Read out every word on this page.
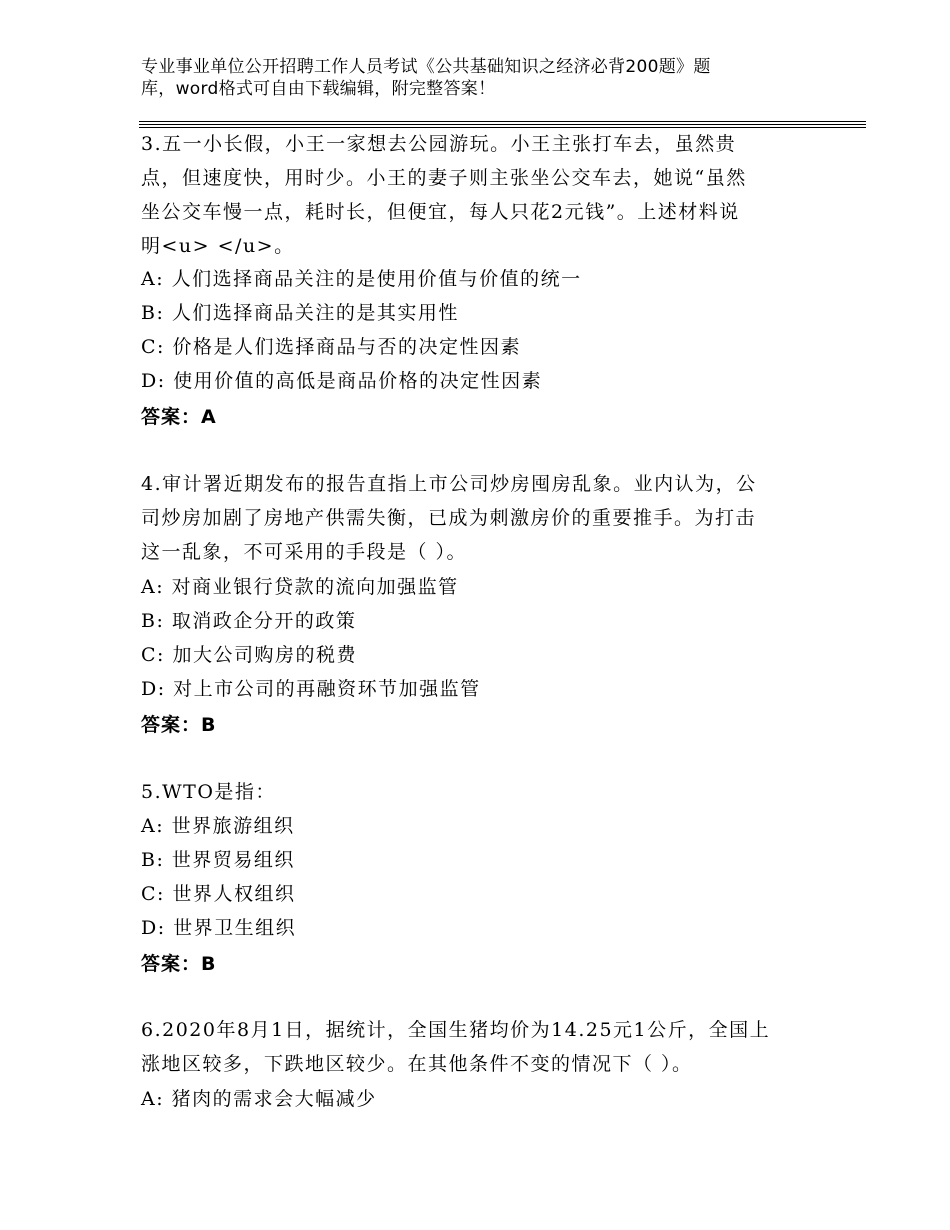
专业事业单位公开招聘工作人员考试《公共基础知识之经济必背200题》题
库，word格式可自由下载编辑，附完整答案！
3.五一小长假，小王一家想去公园游玩。小王主张打车去，虽然贵
点，但速度快，用时少。小王的妻子则主张坐公交车去，她说“虽然
坐公交车慢一点，耗时长，但便宜，每人只花2元钱”。上述材料说
明<u> </u>。
A: 人们选择商品关注的是使用价值与价值的统一
B: 人们选择商品关注的是其实用性
C: 价格是人们选择商品与否的决定性因素
D: 使用价值的高低是商品价格的决定性因素
答案：A
4.审计署近期发布的报告直指上市公司炒房囤房乱象。业内认为，公
司炒房加剧了房地产供需失衡，已成为刺激房价的重要推手。为打击
这一乱象，不可采用的手段是（ ）。
A: 对商业银行贷款的流向加强监管
B: 取消政企分开的政策
C: 加大公司购房的税费
D: 对上市公司的再融资环节加强监管
答案：B
5.WTO是指：
A: 世界旅游组织
B: 世界贸易组织
C: 世界人权组织
D: 世界卫生组织
答案：B
6.2020年8月1日，据统计，全国生猪均价为14.25元1公斤，全国上
涨地区较多，下跌地区较少。在其他条件不变的情况下（ ）。
A: 猪肉的需求会大幅减少
